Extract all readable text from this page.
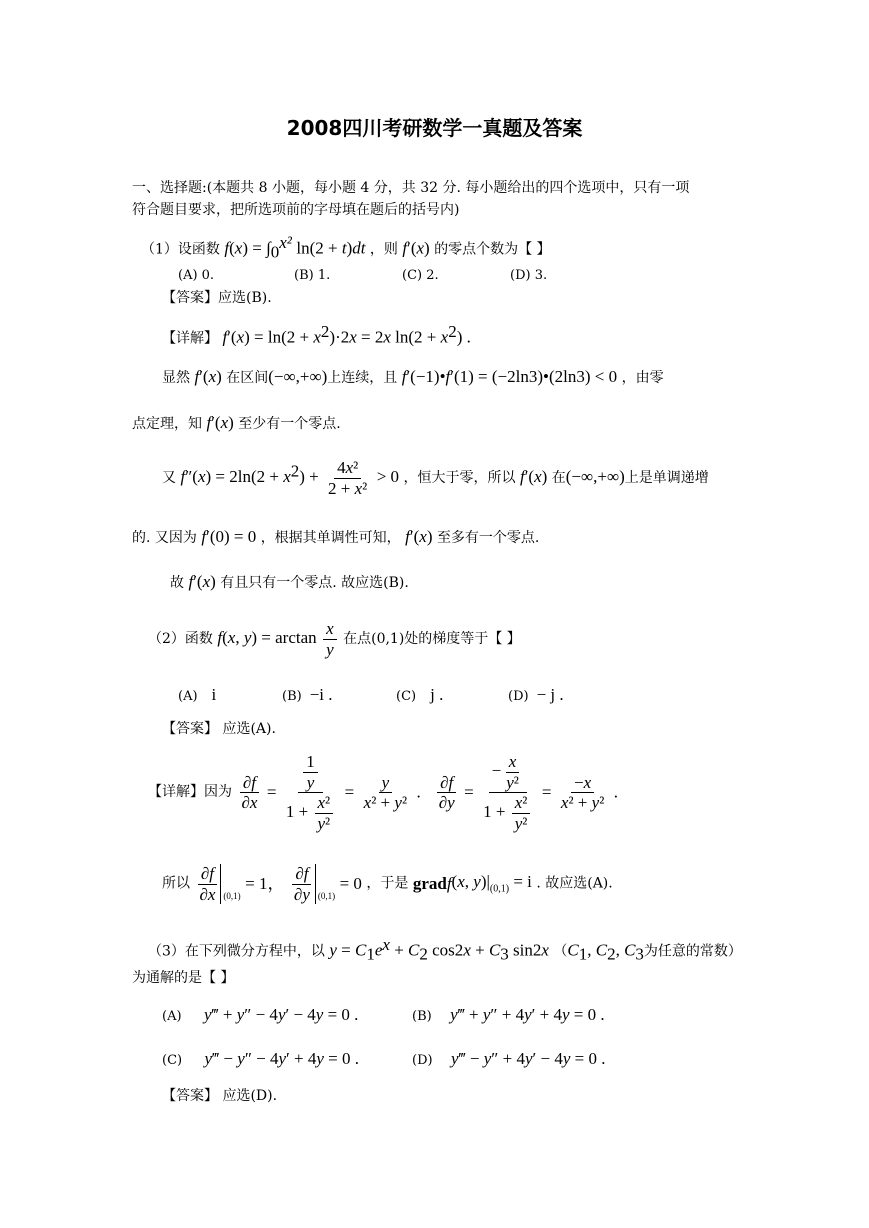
2008四川考研数学一真题及答案
一、选择题:(本题共 8 小题，每小题 4 分，共 32 分. 每小题给出的四个选项中，只有一项
符合题目要求，把所选项前的字母填在题后的括号内)
（1）设函数 $f(x) = \int_0^{x^2}$ ln(2 + t)dt ，则 f′(x) 的零点个数为【 】
(A) 0.	(B) 1.	(C) 2.	(D) 3.
【答案】应选(B).
【详解】 $f'(x) = \ln(2 + x^2)\cdot 2x = 2x$ $\ln(2 + x^2)$ .
显然 f′(x) 在区间(−∞,+∞)上连续，且 f′(−1)•f′(1) = (−2ln3)•(2ln3) < 0 ，由零
点定理，知 f′(x) 至少有一个零点.
又 $f''(x) = 2\ln(2 + x^2) + \frac{\text{4x²}}{\text{2 + x²}} > 0$ ，恒大于零，所以 f′(x) 在(−∞,+∞)上是单调递增
的. 又因为 f′(0) = 0 ，根据其单调性可知， f′(x) 至多有一个零点.
故 f′(x) 有且只有一个零点. 故应选(B).
（2）函数 f(x, $y) = \arctan \frac{x}{y}$ 在点(0,1)处的梯度等于【 】
(A) i	(B) −i .	(C) j .	(D) − j .
【答案】 应选(A).
【详解】因为 $\frac{\partial f}{\partial x} = \frac{\frac{1}{y}}{1 + \frac{\text{x²}}{\text{y²}}} = \frac{y}{\text{x² + y²}}$ . $\frac{\partial f}{\partial y} = \frac{- \frac{x}{\text{y²}}}{1 + \frac{\text{x²}}{\text{y²}}} = \frac{-x}{\text{x² + y²}}$ .
所以 $\frac{\partial f}{\partial x} (0,1) = 1$， $\frac{\partial f}{\partial y} (0,1) = 0$ ，于是 gradf(x, $y)|_{(0,1)} = i$ . 故应选(A).
（3）在下列微分方程中，以 $y = C_1e^x + C_2$ $\cos 2x + C_3$ sin2x （$C_1$, $C_2$, $C_3$为任意的常数）
为通解的是【 】
(A) y‴ + y″ − 4y′ − 4y = 0 .	(B) y‴ + y″ + 4y′ + 4y = 0 .
(C) y‴ − y″ − 4y′ + 4y = 0 .	(D) y‴ − y″ + 4y′ − 4y = 0 .
【答案】 应选(D).
